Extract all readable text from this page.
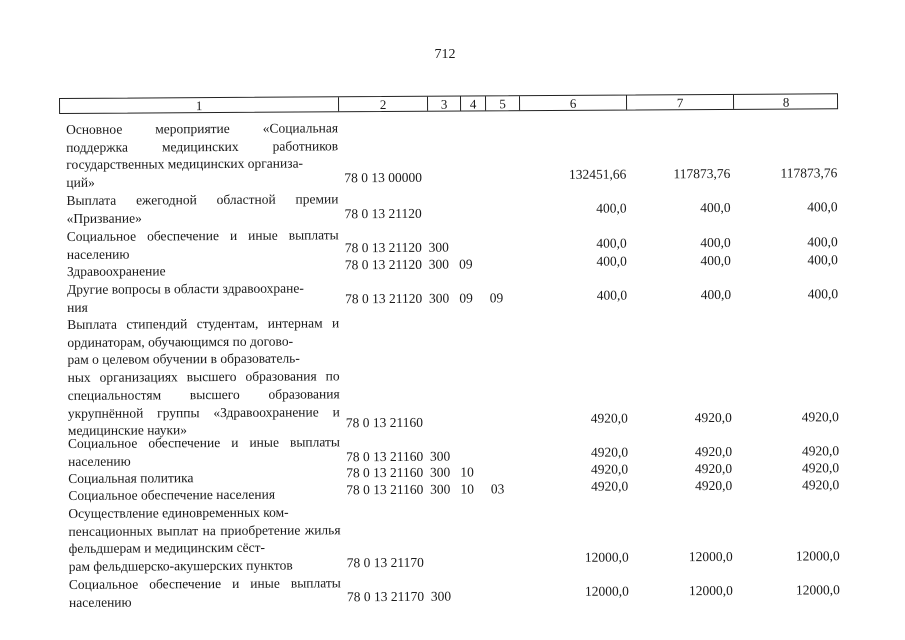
712
1	2	3	4	5	6	7	8
Основное мероприятие «Социальная поддержка медицинских работников государственных медицинских организа-
ций»	78 0 13 00000	132451,66	117873,76	117873,76
Выплата ежегодной областной премии «Призвание»	78 0 13 21120	400,0	400,0	400,0
Социальное обеспечение и иные выплаты населению	78 0 13 21120  300	400,0	400,0	400,0
Здравоохранение	78 0 13 21120  300   09	400,0	400,0	400,0
Другие вопросы в области здравоохране-
ния
78 0 13 21120  300   09     09	400,0	400,0	400,0
Выплата стипендий студентам, интернам и ординаторам, обучающимся по догово-
рам о целевом обучении в образователь-
ных организациях высшего образования по специальностям высшего образования укрупнённой группы «Здравоохранение и медицинские науки»	78 0 13 21160	4920,0	4920,0	4920,0
Социальное обеспечение и иные выплаты населению	78 0 13 21160  300	4920,0	4920,0	4920,0
Социальная политика	78 0 13 21160  300   10	4920,0	4920,0	4920,0
Социальное обеспечение населения	78 0 13 21160  300   10     03	4920,0	4920,0	4920,0
Осуществление единовременных ком-
пенсационных выплат на приобретение жилья фельдшерам и медицинским сёст-
рам фельдшерско-акушерских пунктов	78 0 13 21170	12000,0	12000,0	12000,0
Социальное обеспечение и иные выплаты населению	78 0 13 21170  300	12000,0	12000,0	12000,0
